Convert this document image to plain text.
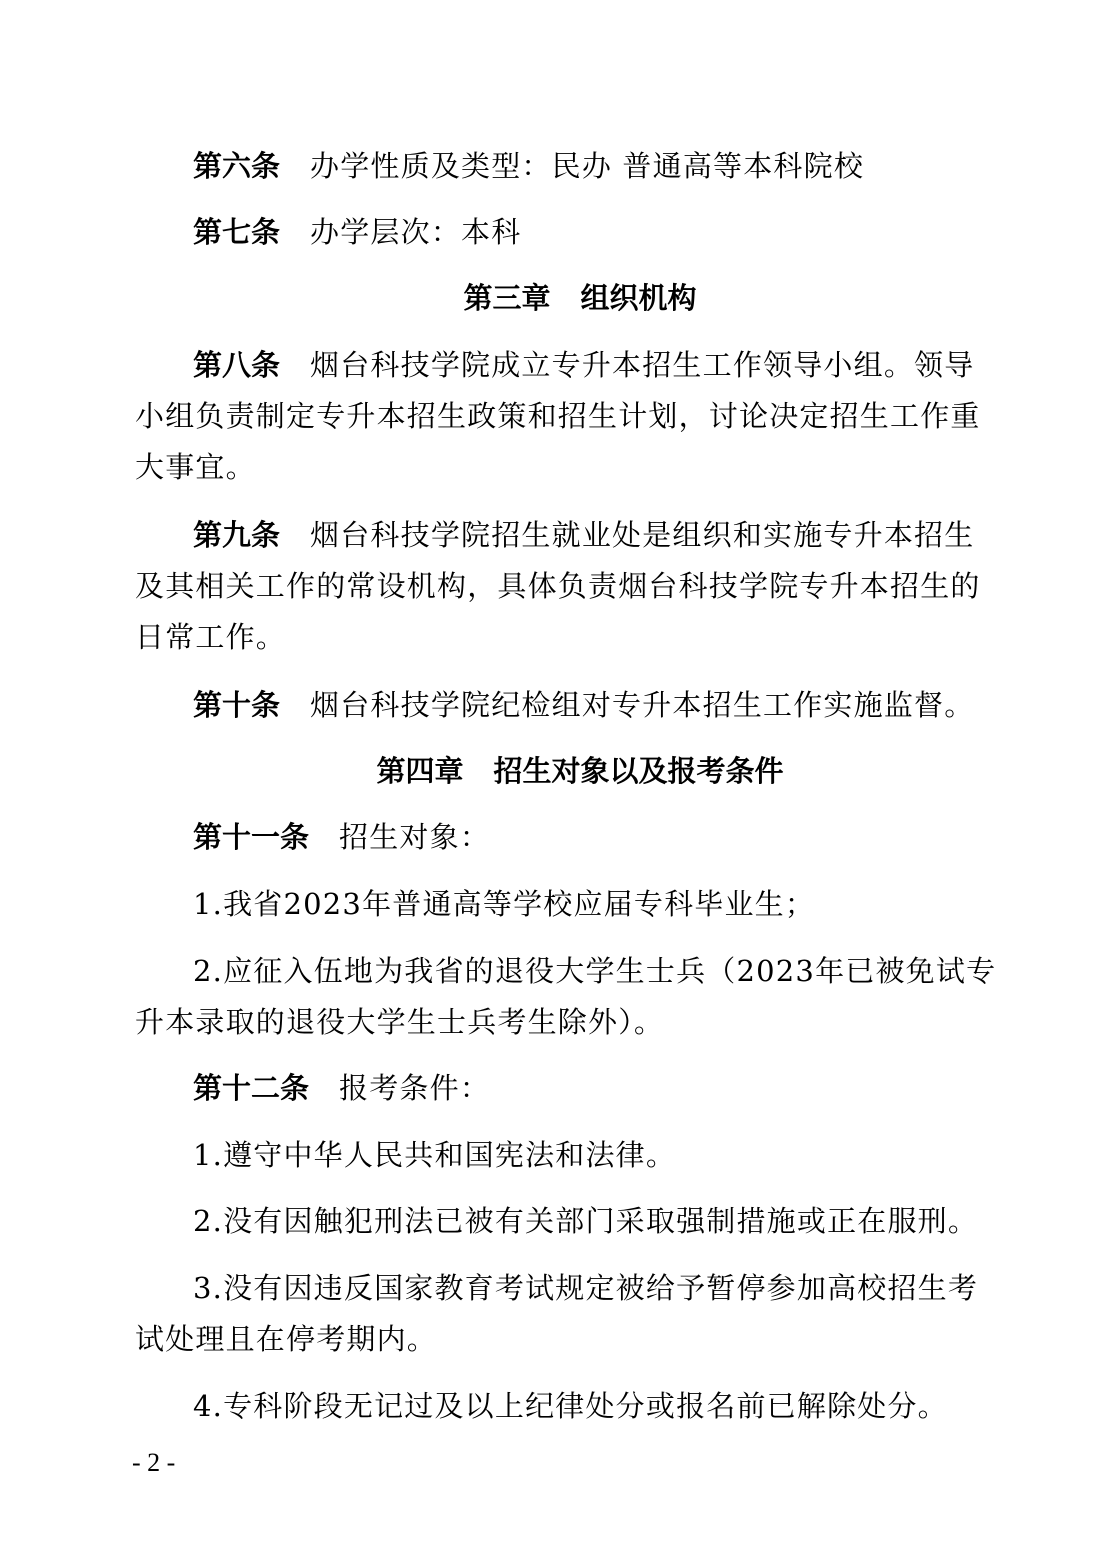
第六条 办学性质及类型：民办 普通高等本科院校
第七条 办学层次：本科
第三章 组织机构
第八条 烟台科技学院成立专升本招生工作领导小组。领导
小组负责制定专升本招生政策和招生计划，讨论决定招生工作重
大事宜。
第九条 烟台科技学院招生就业处是组织和实施专升本招生
及其相关工作的常设机构，具体负责烟台科技学院专升本招生的
日常工作。
第十条 烟台科技学院纪检组对专升本招生工作实施监督。
第四章 招生对象以及报考条件
第十一条 招生对象：
1.我省2023年普通高等学校应届专科毕业生；
2.应征入伍地为我省的退役大学生士兵（2023年已被免试专
升本录取的退役大学生士兵考生除外）。
第十二条 报考条件：
1.遵守中华人民共和国宪法和法律。
2.没有因触犯刑法已被有关部门采取强制措施或正在服刑。
3.没有因违反国家教育考试规定被给予暂停参加高校招生考
试处理且在停考期内。
4.专科阶段无记过及以上纪律处分或报名前已解除处分。
- 2 -
